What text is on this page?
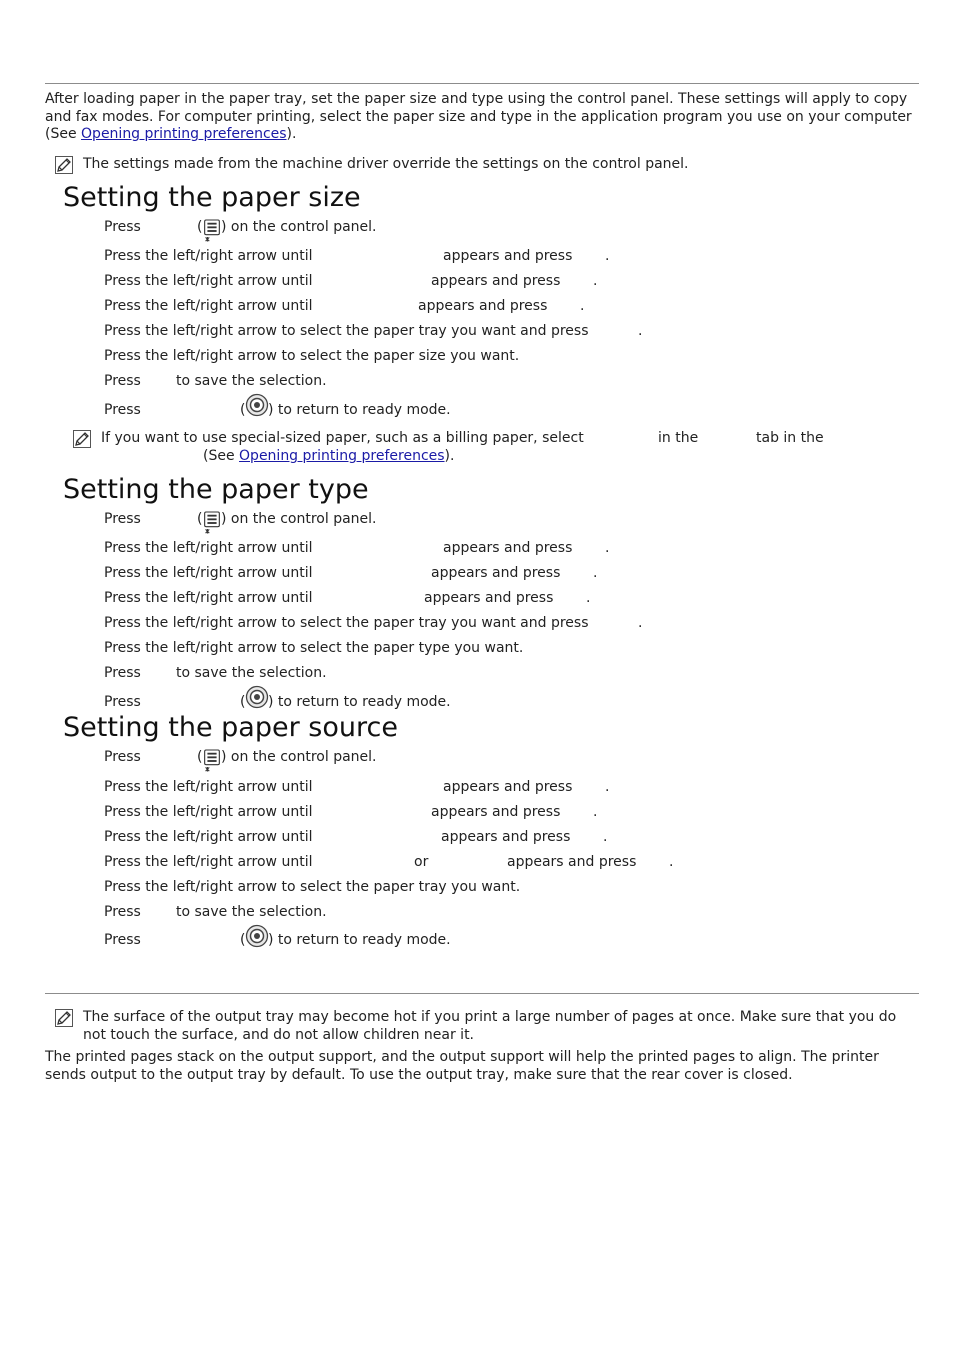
After loading paper in the paper tray, set the paper size and type using the control panel. These settings will apply to copy and fax modes. For computer printing, select the paper size and type in the application program you use on your computer (See Opening printing preferences).
The settings made from the machine driver override the settings on the control panel.
Setting the paper size
Press	( ) on the control panel.
Press the left/right arrow until	appears and press .
Press the left/right arrow until	appears and press .
Press the left/right arrow until	appears and press .
Press the left/right arrow to select the paper tray you want and press	.
Press the left/right arrow to select the paper size you want.
Press	to save the selection.
Press	( ) to return to ready mode.
If you want to use special-sized paper, such as a billing paper, select	in the	tab in the
(See Opening printing preferences).
Setting the paper type
Press	( ) on the control panel.
Press the left/right arrow until	appears and press .
Press the left/right arrow until	appears and press .
Press the left/right arrow until	appears and press .
Press the left/right arrow to select the paper tray you want and press	.
Press the left/right arrow to select the paper type you want.
Press	to save the selection.
Press	( ) to return to ready mode.
Setting the paper source
Press	( ) on the control panel.
Press the left/right arrow until	appears and press .
Press the left/right arrow until	appears and press .
Press the left/right arrow until	appears and press .
Press the left/right arrow until	or	appears and press .
Press the left/right arrow to select the paper tray you want.
Press	to save the selection.
Press	( ) to return to ready mode.
The surface of the output tray may become hot if you print a large number of pages at once. Make sure that you do not touch the surface, and do not allow children near it.
The printed pages stack on the output support, and the output support will help the printed pages to align. The printer sends output to the output tray by default. To use the output tray, make sure that the rear cover is closed.
